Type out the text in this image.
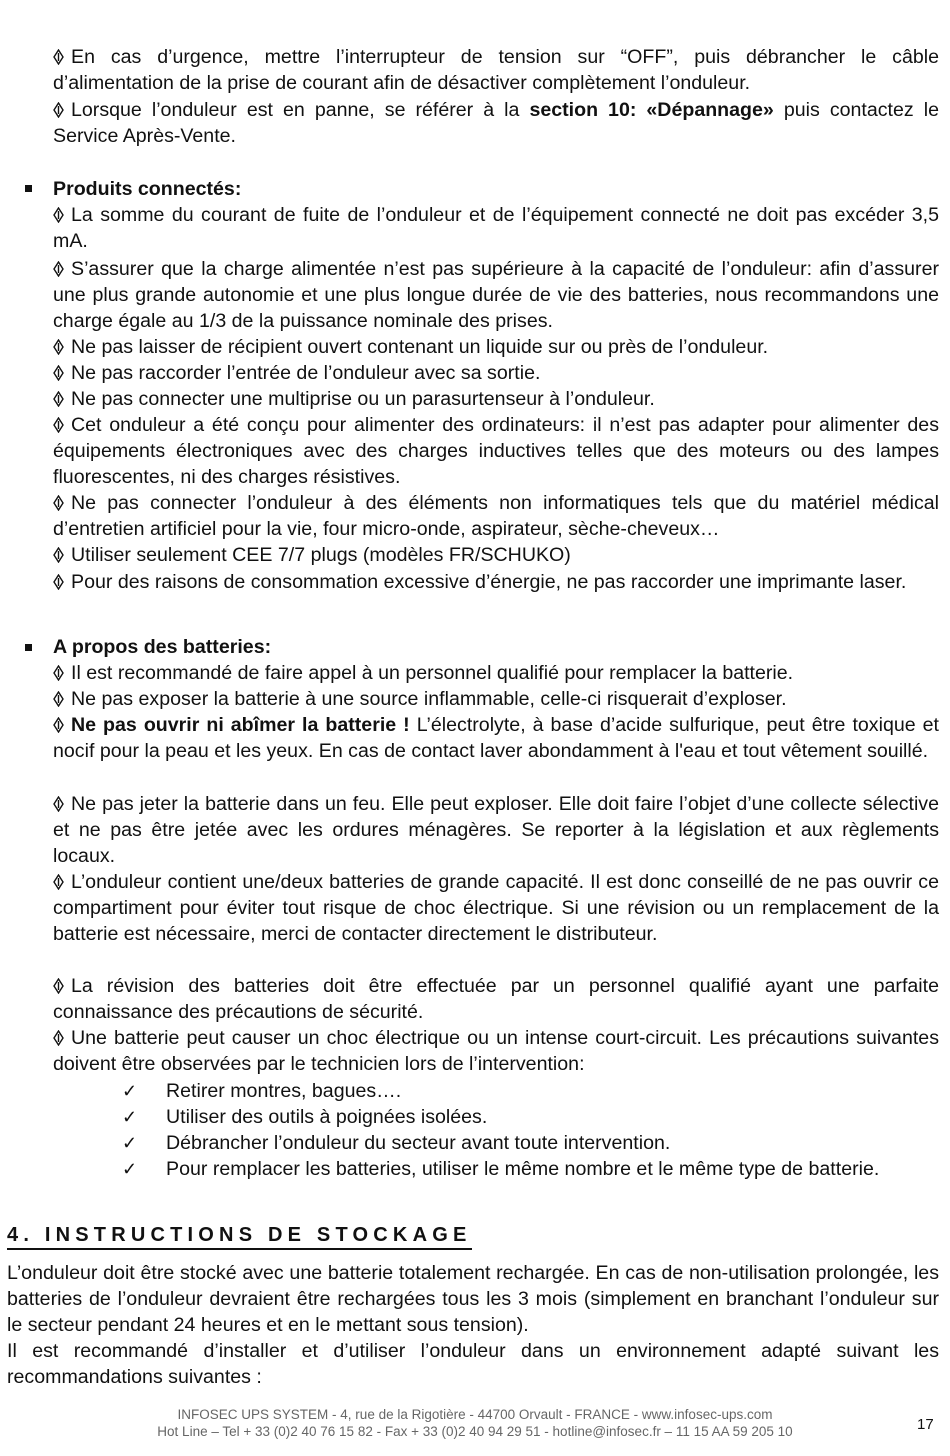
En cas d’urgence, mettre l’interrupteur de tension sur “OFF”, puis débrancher le câble d’alimentation de la prise de courant afin de désactiver complètement l’onduleur.

Lorsque l’onduleur est en panne, se référer à la section 10: «Dépannage» puis contactez le Service Après-Vente.

Produits connectés:

La somme du courant de fuite de l’onduleur et de l’équipement connecté ne doit pas excéder 3,5 mA.

S’assurer que la charge alimentée n’est pas supérieure à la capacité de l’onduleur: afin d’assurer une plus grande autonomie et une plus longue durée de vie des batteries, nous recommandons une charge égale au 1/3 de la puissance nominale des prises.

Ne pas laisser de récipient ouvert contenant un liquide sur ou près de l’onduleur.

Ne pas raccorder l’entrée de l’onduleur avec sa sortie.

Ne pas connecter une multiprise ou un parasurtenseur à l’onduleur.

Cet onduleur a été conçu pour alimenter des ordinateurs: il n’est pas adapter pour alimenter des équipements électroniques avec des charges inductives telles que des moteurs ou des lampes fluorescentes, ni des charges résistives.

Ne pas connecter l’onduleur à des éléments non informatiques tels que du matériel médical d’entretien artificiel pour la vie, four micro-onde, aspirateur, sèche-cheveux…

Utiliser seulement CEE 7/7 plugs (modèles FR/SCHUKO)

Pour des raisons de consommation excessive d’énergie, ne pas raccorder une imprimante laser.

A propos des batteries:

Il est recommandé de faire appel à un personnel qualifié pour remplacer la batterie.

Ne pas exposer la batterie à une source inflammable, celle-ci risquerait d’exploser.

Ne pas ouvrir ni abîmer la batterie ! L’électrolyte, à base d’acide sulfurique, peut être toxique et nocif pour la peau et les yeux. En cas de contact laver abondamment à l'eau et tout vêtement souillé.

Ne pas jeter la batterie dans un feu. Elle peut exploser. Elle doit faire l’objet d’une collecte sélective et ne pas être jetée avec les ordures ménagères. Se reporter à la législation et aux règlements locaux.

L’onduleur contient une/deux batteries de grande capacité. Il est donc conseillé de ne pas ouvrir ce compartiment pour éviter tout risque de choc électrique. Si une révision ou un remplacement de la batterie est nécessaire, merci de contacter directement le distributeur.

La révision des batteries doit être effectuée par un personnel qualifié ayant une parfaite connaissance des précautions de sécurité.

Une batterie peut causer un choc électrique ou un intense court-circuit. Les précautions suivantes doivent être observées par le technicien lors de l’intervention:

✓ Retirer montres, bagues….

✓ Utiliser des outils à poignées isolées.

✓ Débrancher l’onduleur du secteur avant toute intervention.

✓ Pour remplacer les batteries, utiliser le même nombre et le même type de batterie.

4. INSTRUCTIONS DE STOCKAGE

L’onduleur doit être stocké avec une batterie totalement rechargée. En cas de non-utilisation prolongée, les batteries de l’onduleur devraient être rechargées tous les 3 mois (simplement en branchant l’onduleur sur le secteur pendant 24 heures et en le mettant sous tension).

Il est recommandé d’installer et d’utiliser l’onduleur dans un environnement adapté suivant les recommandations suivantes :

INFOSEC UPS SYSTEM - 4, rue de la Rigotière - 44700 Orvault - FRANCE - www.infosec-ups.com

Hot Line – Tel + 33 (0)2 40 76 15 82 - Fax + 33 (0)2 40 94 29 51 - hotline@infosec.fr – 11 15 AA 59 205 10	17
